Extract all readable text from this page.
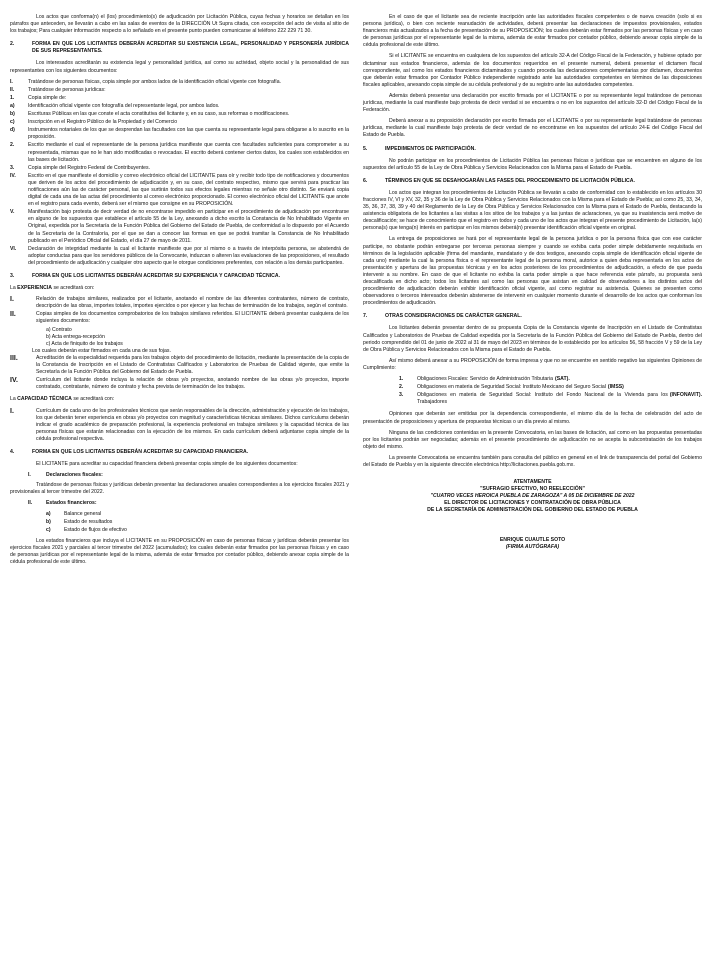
Los actos que conforma(n) el (los) procedimiento(s) de adjudicación por Licitación Pública, cuyas fechas y horarios se detallan en los párrafos que anteceden, se llevarán a cabo en las salas de eventos de la DIRECCIÓN Ut Supra citada, con excepción del acto de visita al sitio de los trabajos; Para cualquier información respecto a lo señalado en el presente punto pueden comunicarse al teléfono 222 229 71 30.

2.	FORMA EN QUE LOS LICITANTES DEBERÁN ACREDITAR SU EXISTENCIA LEGAL, PERSONALIDAD Y PERSONERÍA JURÍDICA DE SUS REPRESENTANTES.

Los interesados acreditarán su existencia legal y personalidad jurídica, así como su actividad, objeto social y la personalidad de sus representantes con los siguientes documentos:

I.	Tratándose de personas físicas, copia simple por ambos lados de la identificación oficial vigente con fotografía.
II.	Tratándose de personas jurídicas:
1.	Copia simple de:
a)	Identificación oficial vigente con fotografía del representante legal, por ambos lados.
b)	Escrituras Públicas en las que conste el acta constitutiva del licitante y, en su caso, sus reformas o modificaciones.
c)	Inscripción en el Registro Público de la Propiedad y del Comercio
d)	Instrumentos notariales de los que se desprendan las facultades con las que cuenta su representante legal para obligarse a lo suscrito en la proposición.
2.	Escrito mediante el cual el representante de la persona jurídica manifieste que cuenta con facultades suficientes para comprometer a su representada, mismas que no le han sido modificadas o revocadas. El escrito deberá contener ciertos datos, los cuales son establecidos en las bases de licitación.
3.	Copia simple del Registro Federal de Contribuyentes.
IV.	Escrito en el que manifieste el domicilio y correo electrónico oficial del LICITANTE para oír y recibir todo tipo de notificaciones y documentos que deriven de los actos del procedimiento de adjudicación y, en su caso, del contrato respectivo, mismo que servirá para practicar las notificaciones aún las de carácter personal, las que surtirán todos sus efectos legales mientras no señale otro distinto. Se enviará copia digital de cada una de las actas del procedimiento al correo electrónico proporcionado. El correo electrónico oficial del LICITANTE que anote en el registro para cada evento, deberá ser el mismo que consigne en su PROPOSICIÓN.
V.	Manifestación bajo protesta de decir verdad de no encontrarse impedido en participar en el procedimiento de adjudicación por encontrarse en alguno de los supuestos que establece el artículo 55 de la Ley, anexando a dicho escrito la Constancia de No Inhabilitado Vigente en Original, expedida por la Secretaría de la Función Pública del Gobierno del Estado de Puebla, de conformidad a lo dispuesto por el Acuerdo de la Secretaría de la Contraloría, por el que se dan a conocer las formas en que se podrá tramitar la Constancia de No Inhabilitado publicado en el Periódico Oficial del Estado, el día 27 de mayo de 2011.
VI.	Declaración de integridad mediante la cual el licitante manifieste que por sí mismo o a través de interpósita persona, se abstendrá de adoptar conductas para que los servidores públicos de la Convocante, induzcan o alteren las evaluaciones de las proposiciones, el resultado del procedimiento de adjudicación y cualquier otro aspecto que le otorgue condiciones preferentes, con relación a los demás participantes.
3.	FORMA EN QUE LOS LICITANTES DEBERÁN ACREDITAR SU EXPERIENCIA Y CAPACIDAD TÉCNICA.

La EXPERIENCIA se acreditará con:

I.	Relación de trabajos similares, realizados por el licitante, anotando el nombre de las diferentes contratantes, número de contrato, descripción de las obras, importes totales, importes ejercidos o por ejercer y las fechas de terminación de los trabajos, según el contrato.
II.	Copias simples de los documentos comprobatorios de los trabajos similares referidos. El LICITANTE deberá presentar cualquiera de los siguientes documentos:
a) Contrato
b) Acta entrega-recepción
c) Acta de finiquito de los trabajos
Los cuales deberán estar firmados en cada una de sus fojas.
III.	Acreditación de la especialidad requerida para los trabajos objeto del procedimiento de licitación, mediante la presentación de la copia de la Constancia de Inscripción en el Listado de Contratistas Calificados y Laboratorios de Pruebas de Calidad vigente, que emite la Secretaría de la Función Pública del Gobierno del Estado de Puebla.
IV.	Currículum del licitante donde incluya la relación de obras y/o proyectos, anotando nombre de las obras y/o proyectos, importe contratado, contratante, número de contrato y fecha prevista de terminación de los trabajos.

La CAPACIDAD TÉCNICA se acreditará con:

I.	Currículum de cada uno de los profesionales técnicos que serán responsables de la dirección, administración y ejecución de los trabajos, los que deberán tener experiencia en obras y/o proyectos con magnitud y características técnicas similares. Dichos currículums deberán indicar el grado académico de preparación profesional, la experiencia profesional en trabajos similares y la capacidad técnica de las personas físicas que estarán relacionadas con la ejecución de los mismos. En cada currículum deberá adjuntarse copia simple de la cédula profesional respectiva.
4.	FORMA EN QUE LOS LICITANTES DEBERÁN ACREDITAR SU CAPACIDAD FINANCIERA.

El LICITANTE para acreditar su capacidad financiera deberá presentar copia simple de los siguientes documentos:

I.	Declaraciones fiscales:

Tratándose de personas físicas y jurídicas deberán presentar las declaraciones anuales correspondientes a los ejercicios fiscales 2021 y provisionales al tercer trimestre del 2022.

II.	Estados financieros:
a)	Balance general
b)	Estado de resultados
c)	Estado de flujos de efectivo

Los estados financieros que incluya el LICITANTE en su PROPOSICIÓN en caso de personas físicas y jurídicas deberán presentar los ejercicios fiscales 2021 y parciales al tercer trimestre del 2022 (acumulados); los cuales deberán estar firmados por las personas físicas y en caso de personas jurídicas por el representante legal de la misma, además de estar firmados por contador público, debiendo anexar copia simple de la cédula profesional de este último.

En el caso de que el licitante sea de reciente inscripción ante las autoridades fiscales competentes o de nueva creación (solo si es persona jurídica), o bien con reciente reanudación de actividades, deberá presentar las declaraciones de impuestos provisionales, estados financieros más actualizados a la fecha de presentación de su PROPOSICIÓN; los cuales deberán estar firmados por las personas físicas y en caso de personas jurídicas por el representante legal de la misma, además de estar firmados por contador público, debiendo anexar copia simple de la cédula profesional de este último.

Si el LICITANTE se encuentra en cualquiera de los supuestos del artículo 32-A del Código Fiscal de la Federación, y hubiese optado por dictaminar sus estados financieros, además de los documentos requeridos en el presente numeral, deberá presentar el dictamen fiscal correspondiente, así como los estados financieros dictaminados y cuando proceda las declaraciones complementarias por dictamen, documentos que deberán estar firmados por Contador Público independiente registrado ante las autoridades competentes en términos de las disposiciones fiscales aplicables, anexando copia simple de su cédula profesional y de su registro ante las autoridades competentes.

Además deberá presentar una declaración por escrito firmada por el LICITANTE o por su representante legal tratándose de personas jurídicas, mediante la cual manifieste bajo protesta de decir verdad si se encuentra o no en los supuestos del artículo 32-D del Código Fiscal de la Federación.

Deberá anexar a su proposición declaración por escrito firmada por el LICITANTE o por su representante legal tratándose de personas jurídicas, mediante la cual manifieste bajo protesta de decir verdad de no encontrarse en los supuestos del artículo 24-E del Código Fiscal del Estado de Puebla.

5.	IMPEDIMENTOS DE PARTICIPACIÓN.

No podrán participar en los procedimientos de Licitación Pública las personas físicas o jurídicas que se encuentren en alguno de los supuestos del artículo 55 de la Ley de Obra Pública y Servicios Relacionados con la Misma para el Estado de Puebla.

6.	TÉRMINOS EN QUE SE DESAHOGARÁN LAS FASES DEL PROCEDIMIENTO DE LICITACIÓN PÚBLICA.

Los actos que integran los procedimientos de Licitación Pública se llevarán a cabo de conformidad con lo establecido en los artículos 30 fracciones IV, VI y XV, 32, 35 y 36 de la Ley de Obra Pública y Servicios Relacionados con la Misma para el Estado de Puebla; así como 25, 33, 34, 35, 36, 37, 38, 39 y 40 del Reglamento de la Ley de Obra Pública y Servicios Relacionados con la Misma para el Estado de Puebla, destacando la asistencia obligatoria de los licitantes a las visitas a los sitios de los trabajos y a las juntas de aclaraciones, ya que su inasistencia será motivo de descalificación; se hace de conocimiento que el registro en todos y cada uno de los actos que integran el presente procedimiento de Licitación, la(s) persona(s) que tenga(n) interés en participar en los mismos deberá(n) presentar identificación oficial vigente en original.

La entrega de proposiciones se hará por el representante legal de la persona jurídica o por la persona física que con ese carácter participe, no obstante podrán entregarse por terceras personas siempre y cuando se exhiba carta poder simple debidamente requisitada en términos de la legislación aplicable (firma del mandante, mandatario y de dos testigos, anexando copia simple de identificación oficial vigente de cada uno) mediante la cual la persona física o el representante legal de la persona moral, autorice a quien deba representarla en los actos de presentación y apertura de las propuestas técnicas y en los actos posteriores de los procedimientos de adjudicación, a efecto de que pueda intervenir a su nombre. En caso de que el licitante no exhiba la carta poder simple a que hace referencia este párrafo, su propuesta será descalificada en dicho acto; todos los licitantes así como las personas que asistan en calidad de observadores a los distintos actos del procedimiento de adjudicación deberán exhibir identificación oficial vigente, así como registrar su asistencia. Quienes se presenten como observadores o terceros interesados deberán abstenerse de intervenir en cualquier momento durante el desarrollo de los actos que conforman los procedimientos de adjudicación.

7.	OTRAS CONSIDERACIONES DE CARÁCTER GENERAL.

Los licitantes deberán presentar dentro de su propuesta Copia de la Constancia vigente de Inscripción en el Listado de Contratistas Calificados y Laboratorios de Pruebas de Calidad expedida por la Secretaría de la Función Pública del Gobierno del Estado de Puebla, dentro del periodo comprendido del 01 de junio de 2022 al 31 de mayo del 2023 en términos de lo establecido por los artículos 56, 58 fracción V y 59 de la Ley de Obra Pública y Servicios Relacionados con la Misma para el Estado de Puebla.

Así mismo deberá anexar a su PROPOSICIÓN de forma impresa y que no se encuentre en sentido negativo las siguientes Opiniones de Cumplimiento:

1.	Obligaciones Fiscales: Servicio de Administración Tributaria (SAT).
2.	Obligaciones en materia de Seguridad Social: Instituto Mexicano del Seguro Social (IMSS)
3.	Obligaciones en materia de Seguridad Social: Instituto del Fondo Nacional de la Vivienda para los Trabajadores
(INFONAVIT).

Opiniones que deberán ser emitidas por la dependencia correspondiente, el mismo día de la fecha de celebración del acto de presentación de proposiciones y apertura de propuestas técnicas o un día previo al mismo.

Ninguna de las condiciones contenidas en la presente Convocatoria, en las bases de licitación, así como en las propuestas presentadas por los licitantes podrán ser negociadas; además en el presente procedimiento de adjudicación no se acepta la subcontratación de los trabajos objeto del mismo.

La presente Convocatoria se encuentra también para consulta del público en general en el link de transparencia del portal del Gobierno del Estado de Puebla y en la siguiente dirección electrónica http://licitaciones.puebla.gob.mx.

ATENTAMENTE
"SUFRAGIO EFECTIVO, NO REELECCIÓN"
"CUATRO VECES HEROICA PUEBLA DE ZARAGOZA" A 05 DE DICIEMBRE DE 2022
EL DIRECTOR DE LICITACIONES Y CONTRATACIÓN DE OBRA PÚBLICA
DE LA SECRETARÍA DE ADMINISTRACIÓN DEL GOBIERNO DEL ESTADO DE PUEBLA
ENRIQUE CUAUTLE SOTO
(FIRMA AUTÓGRAFA)
